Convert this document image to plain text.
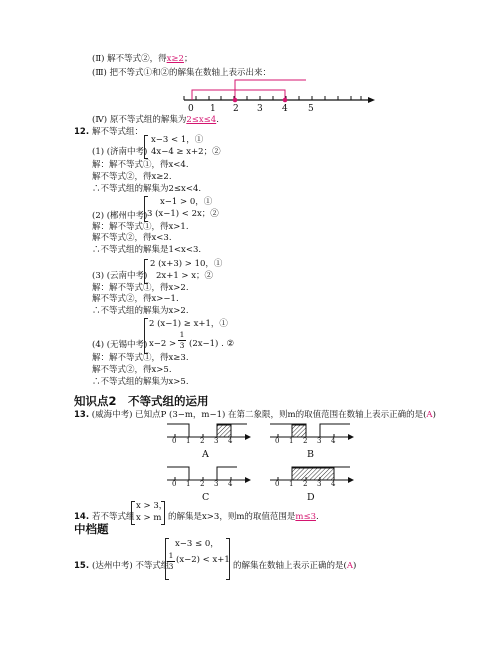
(Ⅱ) 解不等式②，得x≥2；
(Ⅲ) 把不等式①和②的解集在数轴上表示出来：
0 1 2 3 4 5
(Ⅳ) 原不等式组的解集为2≤x≤4.
12. 解不等式组：
(1) (济南中考)
x−3 < 1，①
4x−4 ≥ x+2；②
解：解不等式①，得x<4.
解不等式②，得x≥2.
∴不等式组的解集为2≤x<4.
(2) (郴州中考)
x−1 > 0，①
3 (x−1) < 2x；②
解：解不等式①，得x>1.
解不等式②，得x<3.
∴不等式组的解集是1<x<3.
(3) (云南中考)
2 (x+3) > 10，①
2x+1 > x；②
解：解不等式①，得x>2.
解不等式②，得x>−1.
∴不等式组的解集为x>2.
(4) (无锡中考)
2 (x−1) ≥ x+1，①
x−2 >
1
3 (2x−1) . ②
解：解不等式①，得x≥3.
解不等式②，得x>5.
∴不等式组的解集为x>5.
知识点2　不等式组的运用
13. (威海中考) 已知点P (3−m，m−1) 在第二象限，则m的取值范围在数轴上表示正确的是(A)
0 1 2 3 4
A
0 1 2 3 4
B
0 1 2 3 4
C
0 1 2 3 4
D
14. 若不等式组
x > 3，
x > m 的解集是x>3，则m的取值范围是m≤3.
中档题
15. (达州中考) 不等式组
x−3 ≤ 0，
1
3
(x−2) < x+1
的解集在数轴上表示正确的是(A)
